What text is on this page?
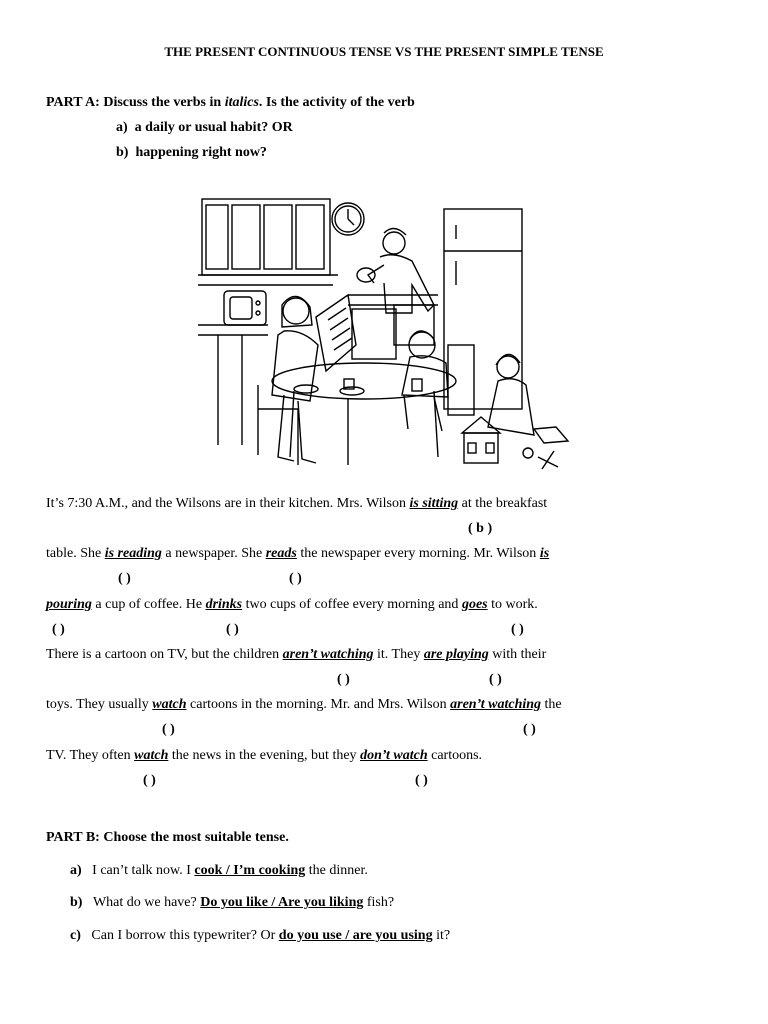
THE PRESENT CONTINUOUS TENSE VS THE PRESENT SIMPLE TENSE
PART A: Discuss the verbs in italics. Is the activity of the verb
a) a daily or usual habit? OR
b) happening right now?
It’s 7:30 A.M., and the Wilsons are in their kitchen. Mrs. Wilson is sitting at the breakfast
( b )
table. She is reading a newspaper. She reads the newspaper every morning. Mr. Wilson is
( )	( )
pouring a cup of coffee. He drinks two cups of coffee every morning and goes to work.
( )	( )	( )
There is a cartoon on TV, but the children aren’t watching it. They are playing with their
( )	( )
toys. They usually watch cartoons in the morning. Mr. and Mrs. Wilson aren’t watching the
( )	( )
TV. They often watch the news in the evening, but they don’t watch cartoons.
( )	( )
PART B: Choose the most suitable tense.
a) I can’t talk now. I cook / I’m cooking the dinner.
b) What do we have? Do you like / Are you liking fish?
c) Can I borrow this typewriter? Or do you use / are you using it?
